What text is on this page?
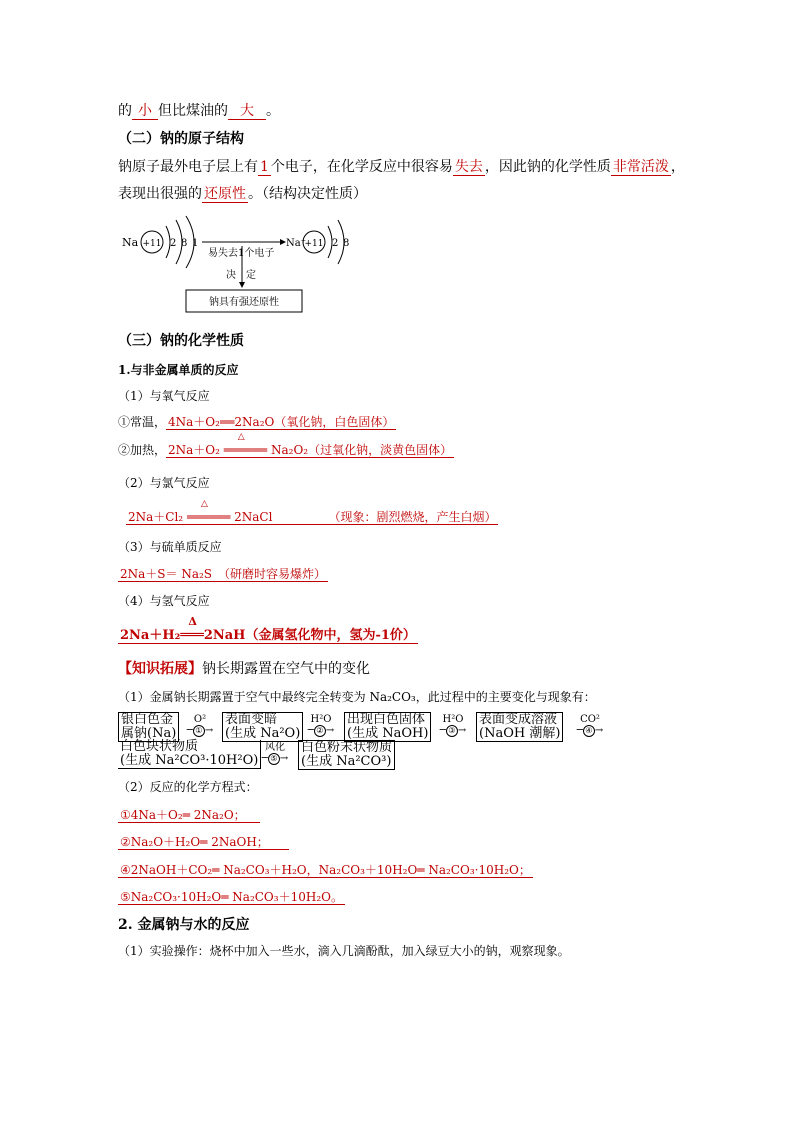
的 小 但比煤油的 大 。
（二）钠的原子结构
钠原子最外电子层上有 1 个电子，在化学反应中很容易 失去 ，因此钠的化学性质 非常活泼 ，
表现出很强的 还原性 。（结构决定性质）
Na +11 2 8 1
易失去1个电子
Na⁺
+11 2 8
决　定
钠具有强还原性
（三）钠的化学性质
1.与非金属单质的反应
（1）与氧气反应
①常温， 4Na＋O₂══2Na₂O（氧化钠，白色固体）
②加热， 2Na＋O₂
△
══════ Na₂O₂（过氧化钠，淡黄色固体）
（2）与氯气反应
2Na＋Cl₂
△
══════ 2NaCl	（现象：剧烈燃烧，产生白烟）
（3）与硫单质反应
2Na＋S＝ Na₂S　 （研磨时容易爆炸）
（4）与氢气反应
2Na＋H₂
Δ
═══2NaH（金属氢化物中，氢为-1价）
【知识拓展】钠长期露置在空气中的变化
（1）金属钠长期露置于空气中最终完全转变为 Na₂CO₃，此过程中的主要变化与现象有：
银白色金
属钠(Na)
O²
─ ① →
表面变暗
(生成 Na²O)
H²O
─ ② →
出现白色固体
(生成 NaOH)
H²O
─ ③ →
表面变成溶液
(NaOH 潮解)
CO²
─ ④ →
白色块状物质
(生成 Na²CO³·10H²O)
风化
─ ⑤ →
白色粉末状物质
(生成 Na²CO³)
（2）反应的化学方程式：
①4Na＋O₂═ 2Na₂O；
②Na₂O＋H₂O═ 2NaOH；
④2NaOH＋CO₂═ Na₂CO₃＋H₂O，Na₂CO₃＋10H₂O═ Na₂CO₃·10H₂O；
⑤Na₂CO₃·10H₂O═ Na₂CO₃＋10H₂O。
2. 金属钠与水的反应
（1）实验操作：烧杯中加入一些水，滴入几滴酚酞，加入绿豆大小的钠，观察现象。
